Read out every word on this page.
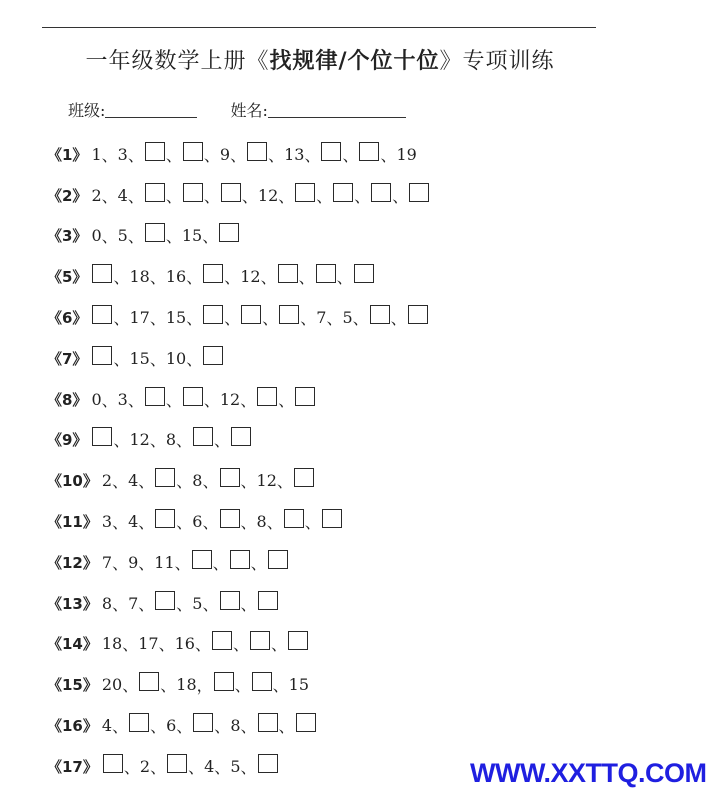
一年级数学上册《找规律/个位十位》专项训练
班级:	姓名:
《1》 1 、 3 、 、 、 9 、 、 13 、 、 、 19
《2》 2 、 4 、 、 、 、 12 、 、 、 、
《3》 0 、 5 、 、 15 、
《5》 、 18 、 16 、 、 12 、 、 、
《6》 、 17 、 15 、 、 、 、 7 、 5 、 、
《7》 、 15 、 10 、
《8》 0 、 3 、 、 、 12 、 、
《9》 、 12 、 8 、 、
《10》 2 、 4 、 、 8 、 、 12 、
《11》 3 、 4 、 、 6 、 、 8 、 、
《12》 7 、 9 、 11 、 、 、
《13》 8 、 7 、 、 5 、 、
《14》 18 、 17 、 16 、 、 、
《15》 20 、 、 18 ， 、 、 15
《16》 4 、 、 6 、 、 8 、 、
《17》 、 2 、 、 4 、 5 、	WWW.XXTTQ.COM
